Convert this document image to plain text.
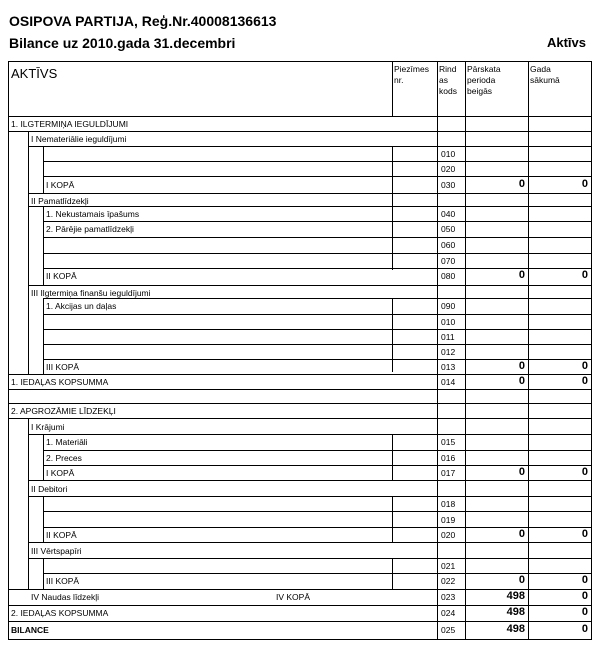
OSIPOVA PARTIJA, Reģ.Nr.40008136613
Bilance uz 2010.gada 31.decembri	Aktīvs
AKTĪVS	Piezīmes
nr.
Rind
as
kods
Pārskata
perioda
beigās
Gada
sākumā
1. ILGTERMIŅA IEGULDĪJUMI
I Nemateriālie ieguldījumi
010
020
I KOPĀ	030	0	0
II Pamatlīdzekļi
1. Nekustamais īpašums	040
2. Pārējie pamatlīdzekļi	050
060
070
II KOPĀ	080	0	0
III Ilgtermiņa finanšu ieguldījumi
1. Akcijas un daļas	090
010
011
012
III KOPĀ	013	0	0
1. IEDAĻAS KOPSUMMA	014	0	0
2. APGROZĀMIE LĪDZEKĻI
I Krājumi
1. Materiāli	015
2. Preces	016
I KOPĀ	017	0	0
II Debitori
018
019
II KOPĀ	020	0	0
III Vērtspapīri
021
III KOPĀ	022	0	0
IV Naudas līdzekļi	IV KOPĀ	023	498	0
2. IEDAĻAS KOPSUMMA	024	498	0
BILANCE	025	498	0
